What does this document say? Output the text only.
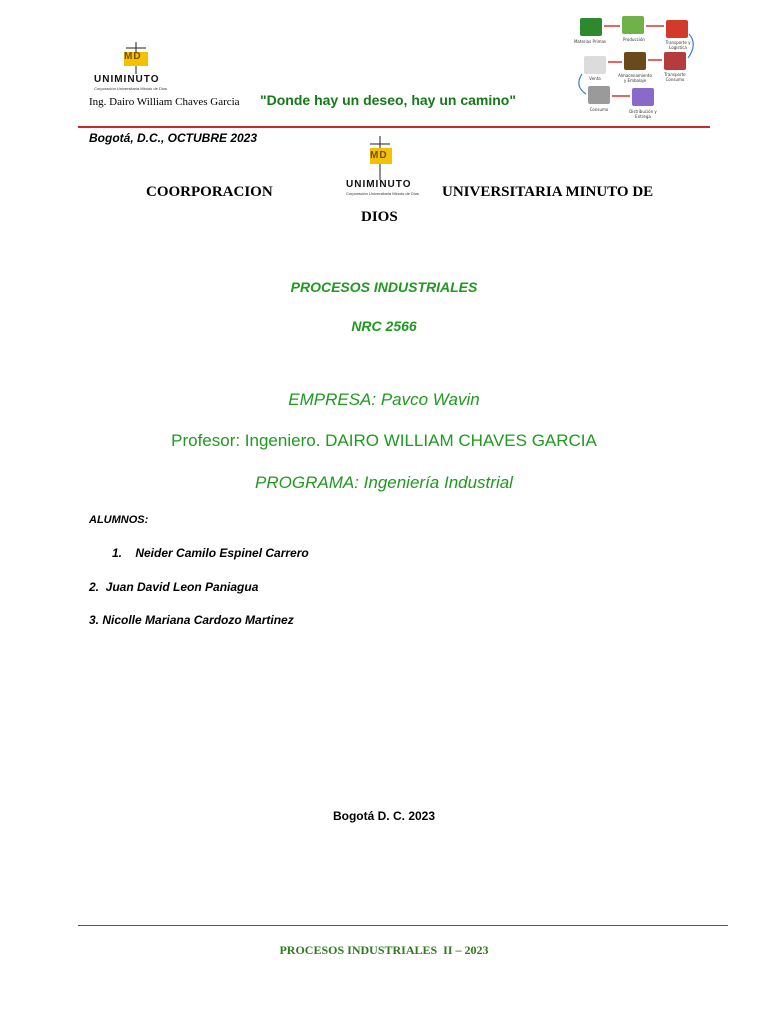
UNIMINUTO
MD
Corporación Universitaria Minuto de Dios
Ing. Dairo William Chaves Garcia "Donde hay un deseo, hay un camino"
Materias Primas	Producción
Transporte y Logística
Venta
Almacenamiento y Embalaje
Transporte Consumo
Consumo	Distribución y Entrega
Bogotá, D.C., OCTUBRE 2023
MD
UNIMINUTO
Corporación Universitaria Minuto de Dios
COORPORACION	UNIVERSITARIA MINUTO DE
DIOS
PROCESOS INDUSTRIALES
NRC 2566
EMPRESA: Pavco Wavin
Profesor: Ingeniero. DAIRO WILLIAM CHAVES GARCIA
PROGRAMA: Ingeniería Industrial
ALUMNOS:
1.    Neider Camilo Espinel Carrero
2.  Juan David Leon Paniagua
3. Nicolle Mariana Cardozo Martinez
Bogotá D. C. 2023
PROCESOS INDUSTRIALES  II – 2023
